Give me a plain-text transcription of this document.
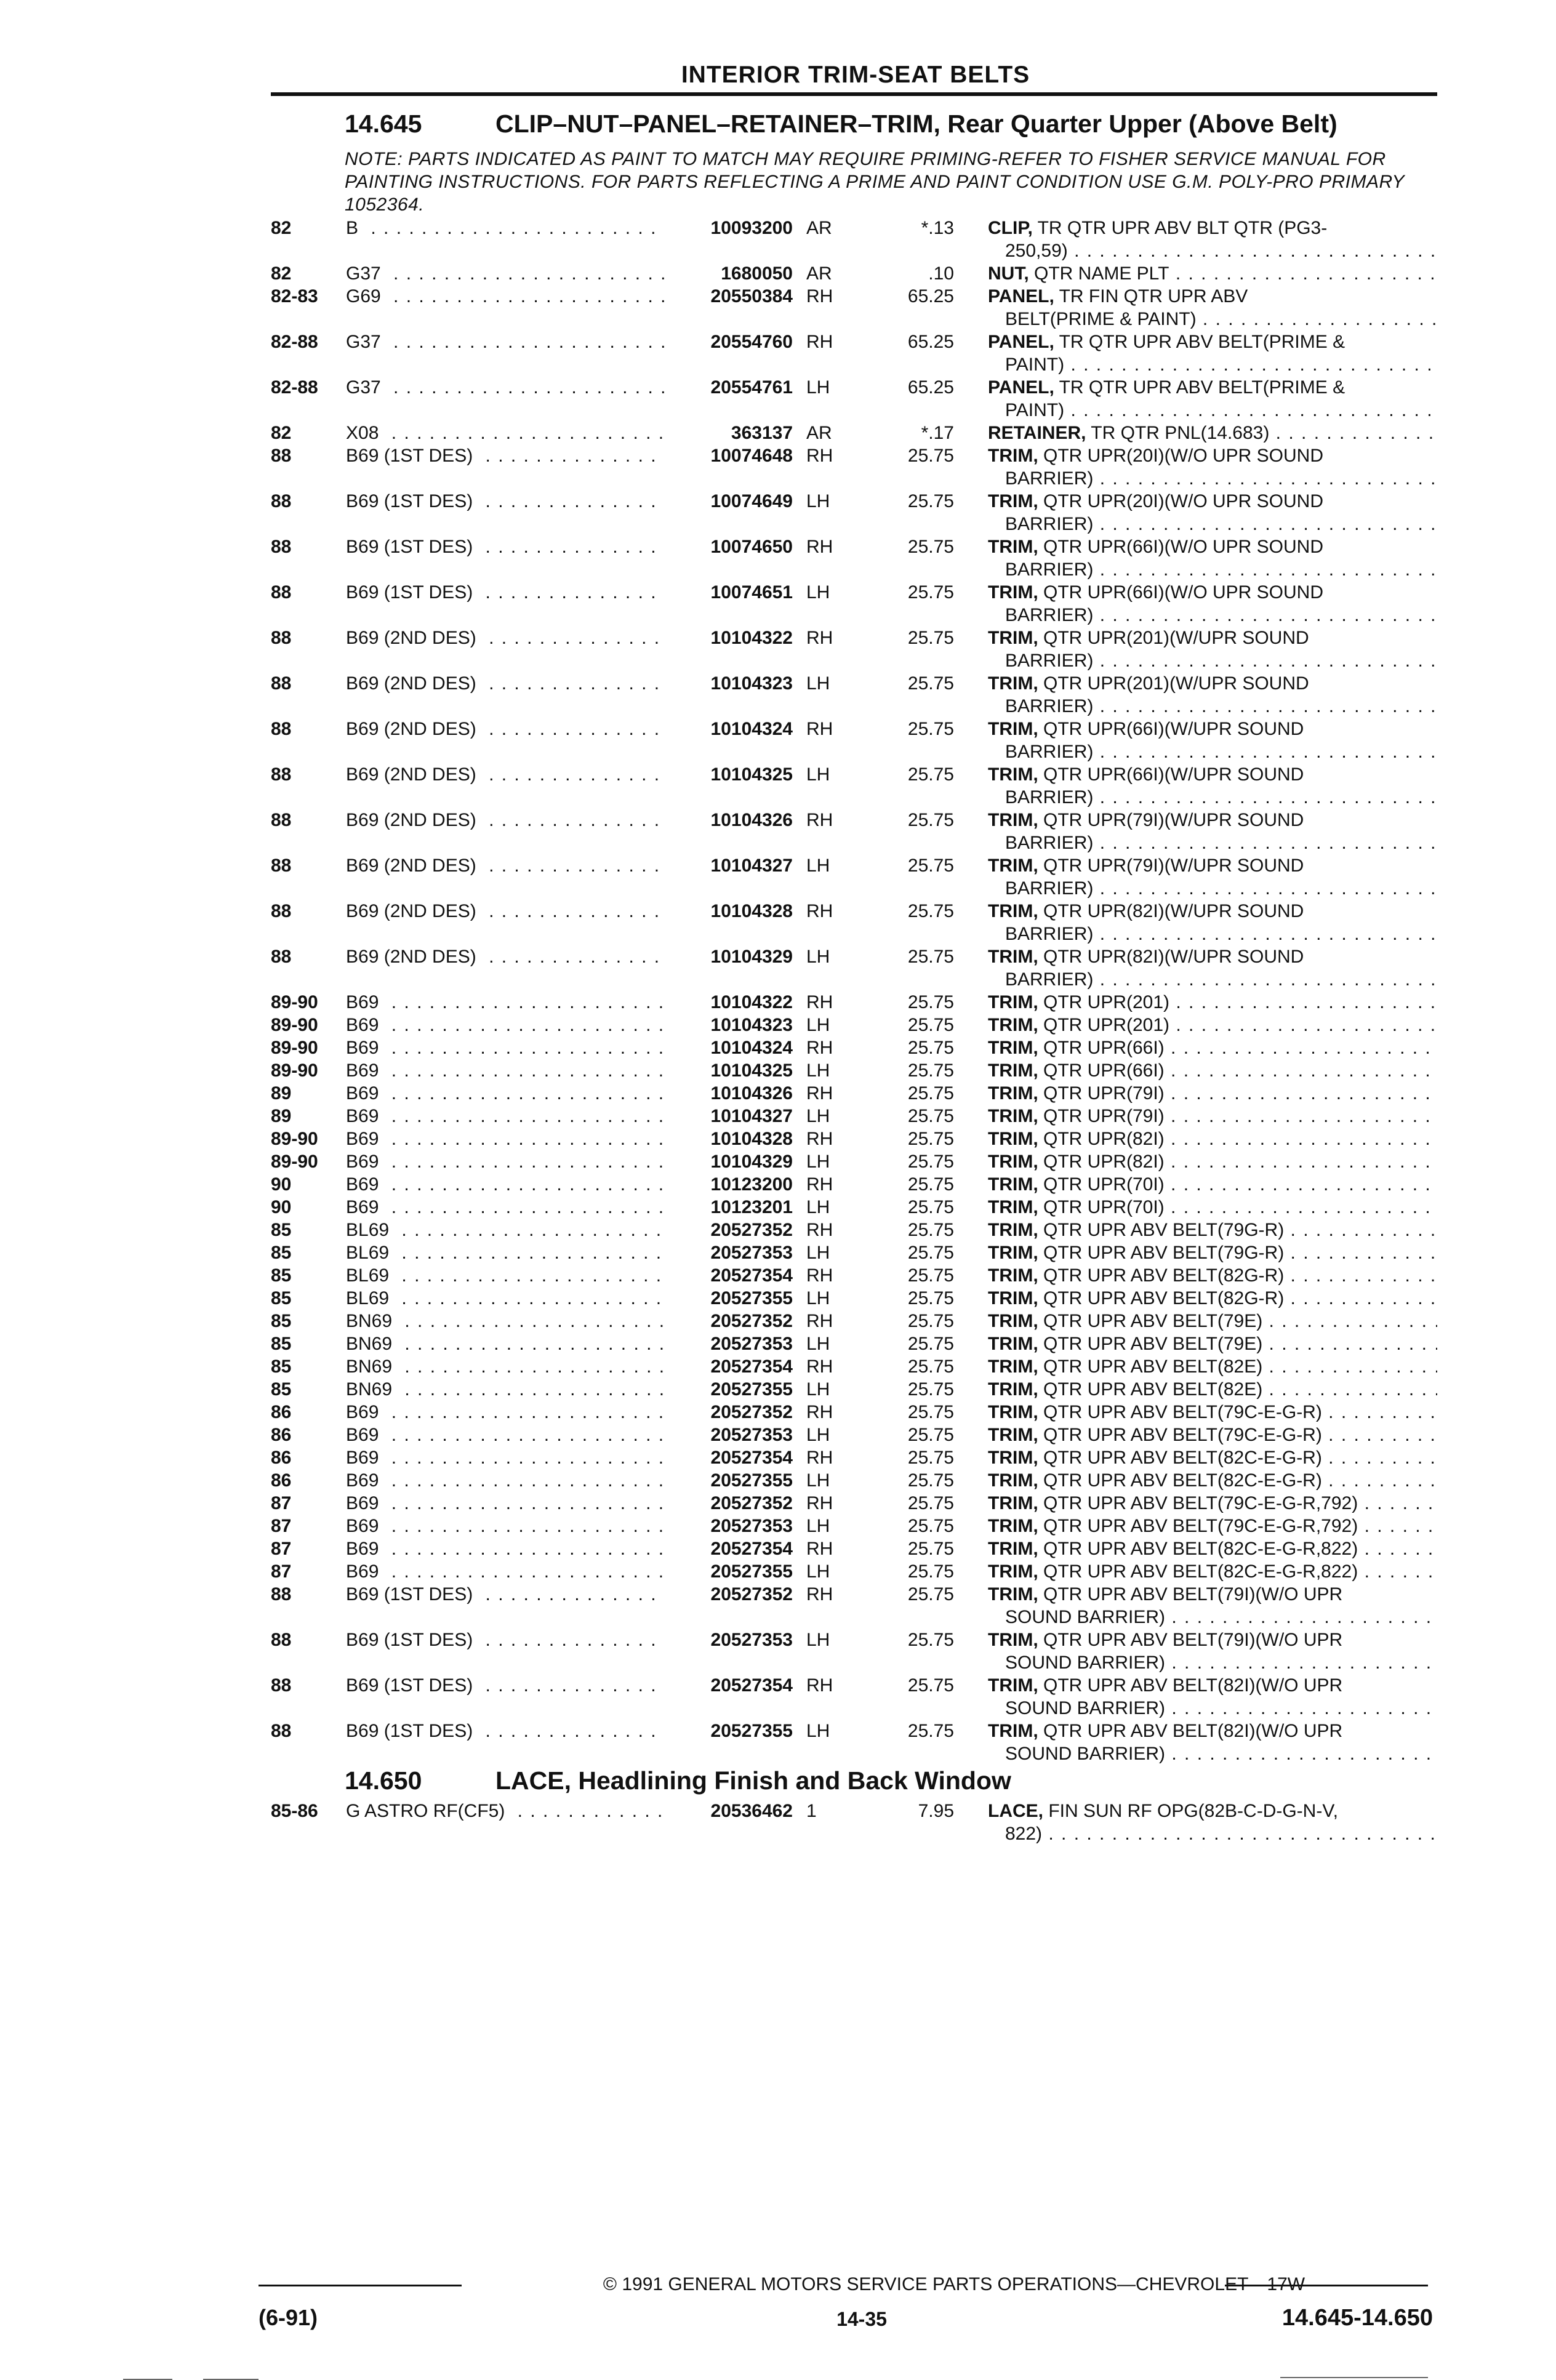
INTERIOR TRIM-SEAT BELTS
14.645	CLIP–NUT–PANEL–RETAINER–TRIM, Rear Quarter Upper (Above Belt)
NOTE: PARTS INDICATED AS PAINT TO MATCH MAY REQUIRE PRIMING-REFER TO FISHER SERVICE MANUAL FOR PAINTING INSTRUCTIONS. FOR PARTS REFLECTING A PRIME AND PAINT CONDITION USE G.M. POLY-PRO PRIMARY 1052364.
82	B . . .	10093200 AR	*.13 CLIP, TR QTR UPR ABV BLT QTR (PG3-
250,59) . . .
82	G37 . . .	1680050 AR	.10 NUT, QTR NAME PLT . . .
82-83 G69 . . .	20550384 RH	65.25 PANEL, TR FIN QTR UPR ABV
BELT(PRIME & PAINT) . . .
82-88 G37 . . .	20554760 RH	65.25 PANEL, TR QTR UPR ABV BELT(PRIME &
PAINT) . . .
82-88 G37 . . .	20554761 LH	65.25 PANEL, TR QTR UPR ABV BELT(PRIME &
PAINT) . . .
82	X08 . . .	363137 AR	*.17 RETAINER, TR QTR PNL(14.683) . . .
88	B69 (1ST DES) . . .	10074648 RH	25.75 TRIM, QTR UPR(20I)(W/O UPR SOUND
BARRIER) . . .
88	B69 (1ST DES) . . .	10074649 LH	25.75 TRIM, QTR UPR(20I)(W/O UPR SOUND
BARRIER) . . .
88	B69 (1ST DES) . . .	10074650 RH	25.75 TRIM, QTR UPR(66I)(W/O UPR SOUND
BARRIER) . . .
88	B69 (1ST DES) . . .	10074651 LH	25.75 TRIM, QTR UPR(66I)(W/O UPR SOUND
BARRIER) . . .
88	B69 (2ND DES) . . .	10104322 RH	25.75 TRIM, QTR UPR(201)(W/UPR SOUND
BARRIER) . . .
88	B69 (2ND DES) . . .	10104323 LH	25.75 TRIM, QTR UPR(201)(W/UPR SOUND
BARRIER) . . .
88	B69 (2ND DES) . . .	10104324 RH	25.75 TRIM, QTR UPR(66I)(W/UPR SOUND
BARRIER) . . .
88	B69 (2ND DES) . . .	10104325 LH	25.75 TRIM, QTR UPR(66I)(W/UPR SOUND
BARRIER) . . .
88	B69 (2ND DES) . . .	10104326 RH	25.75 TRIM, QTR UPR(79I)(W/UPR SOUND
BARRIER) . . .
88	B69 (2ND DES) . . .	10104327 LH	25.75 TRIM, QTR UPR(79I)(W/UPR SOUND
BARRIER) . . .
88	B69 (2ND DES) . . .	10104328 RH	25.75 TRIM, QTR UPR(82I)(W/UPR SOUND
BARRIER) . . .
88	B69 (2ND DES) . . .	10104329 LH	25.75 TRIM, QTR UPR(82I)(W/UPR SOUND
BARRIER) . . .
89-90 B69 . . .	10104322 RH	25.75 TRIM, QTR UPR(201) . . .
89-90 B69 . . .	10104323 LH	25.75 TRIM, QTR UPR(201) . . .
89-90 B69 . . .	10104324 RH	25.75 TRIM, QTR UPR(66I) . . .
89-90 B69 . . .	10104325 LH	25.75 TRIM, QTR UPR(66I) . . .
89	B69 . . .	10104326 RH	25.75 TRIM, QTR UPR(79I) . . .
89	B69 . . .	10104327 LH	25.75 TRIM, QTR UPR(79I) . . .
89-90 B69 . . .	10104328 RH	25.75 TRIM, QTR UPR(82I) . . .
89-90 B69 . . .	10104329 LH	25.75 TRIM, QTR UPR(82I) . . .
90	B69 . . .	10123200 RH	25.75 TRIM, QTR UPR(70I) . . .
90	B69 . . .	10123201 LH	25.75 TRIM, QTR UPR(70I) . . .
85	BL69 . . .	20527352 RH	25.75 TRIM, QTR UPR ABV BELT(79G-R) . . .
85	BL69 . . .	20527353 LH	25.75 TRIM, QTR UPR ABV BELT(79G-R) . . .
85	BL69 . . .	20527354 RH	25.75 TRIM, QTR UPR ABV BELT(82G-R) . . .
85	BL69 . . .	20527355 LH	25.75 TRIM, QTR UPR ABV BELT(82G-R) . . .
85	BN69 . . .	20527352 RH	25.75 TRIM, QTR UPR ABV BELT(79E) . . .
85	BN69 . . .	20527353 LH	25.75 TRIM, QTR UPR ABV BELT(79E) . . .
85	BN69 . . .	20527354 RH	25.75 TRIM, QTR UPR ABV BELT(82E) . . .
85	BN69 . . .	20527355 LH	25.75 TRIM, QTR UPR ABV BELT(82E) . . .
86	B69 . . .	20527352 RH	25.75 TRIM, QTR UPR ABV BELT(79C-E-G-R) . . .
86	B69 . . .	20527353 LH	25.75 TRIM, QTR UPR ABV BELT(79C-E-G-R) . . .
86	B69 . . .	20527354 RH	25.75 TRIM, QTR UPR ABV BELT(82C-E-G-R) . . .
86	B69 . . .	20527355 LH	25.75 TRIM, QTR UPR ABV BELT(82C-E-G-R) . . .
87	B69 . . .	20527352 RH	25.75 TRIM, QTR UPR ABV BELT(79C-E-G-R,792) . . .
87	B69 . . .	20527353 LH	25.75 TRIM, QTR UPR ABV BELT(79C-E-G-R,792) . . .
87	B69 . . .	20527354 RH	25.75 TRIM, QTR UPR ABV BELT(82C-E-G-R,822) . . .
87	B69 . . .	20527355 LH	25.75 TRIM, QTR UPR ABV BELT(82C-E-G-R,822) . . .
88	B69 (1ST DES) . . .	20527352 RH	25.75 TRIM, QTR UPR ABV BELT(79I)(W/O UPR
SOUND BARRIER) . . .
88	B69 (1ST DES) . . .	20527353 LH	25.75 TRIM, QTR UPR ABV BELT(79I)(W/O UPR
SOUND BARRIER) . . .
88	B69 (1ST DES) . . .	20527354 RH	25.75 TRIM, QTR UPR ABV BELT(82I)(W/O UPR
SOUND BARRIER) . . .
88	B69 (1ST DES) . . .	20527355 LH	25.75 TRIM, QTR UPR ABV BELT(82I)(W/O UPR
SOUND BARRIER) . . .
14.650	LACE, Headlining Finish and Back Window
85-86 G ASTRO RF(CF5) . . .	20536462 1	7.95 LACE, FIN SUN RF OPG(82B-C-D-G-N-V,
822) . . .
© 1991 GENERAL MOTORS SERVICE PARTS OPERATIONS—CHEVROLET—17W
(6-91)	14-35	14.645-14.650
